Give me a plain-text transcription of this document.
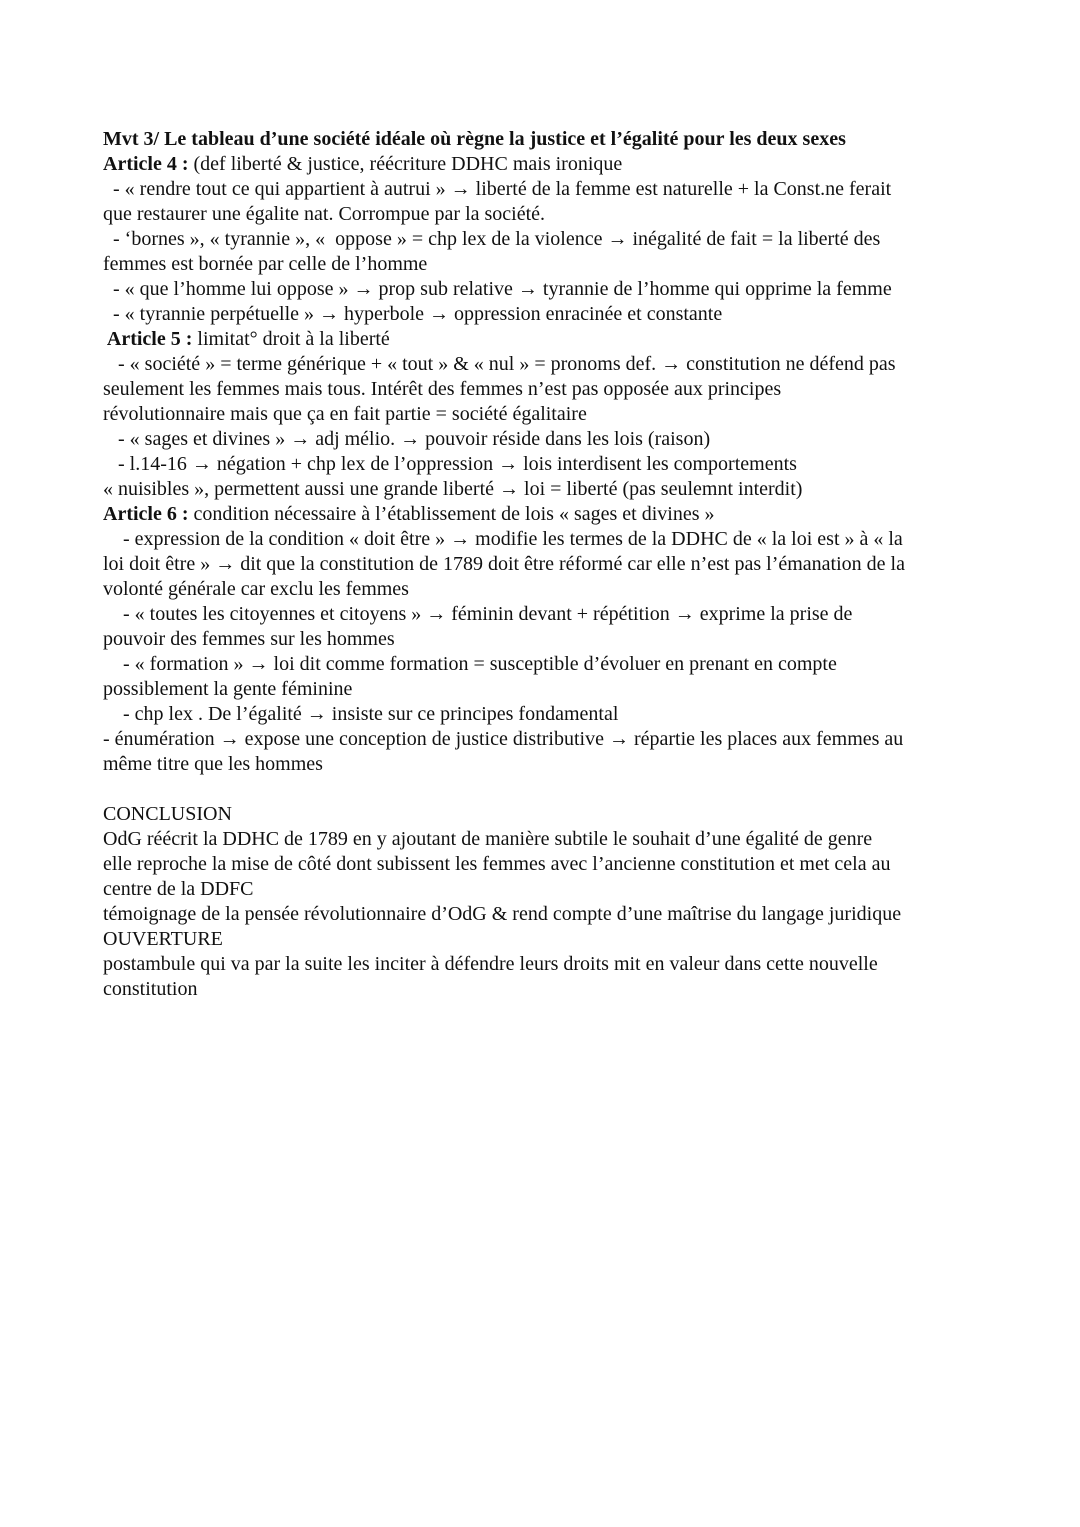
Mvt 3/ Le tableau d’une société idéale où règne la justice et l’égalité pour les deux sexes
Article 4 : (def liberté & justice, réécriture DDHC mais ironique
- « rendre tout ce qui appartient à autrui » → liberté de la femme est naturelle + la Const.ne ferait
que restaurer une égalite nat. Corrompue par la société.
- ‘bornes », « tyrannie », «  oppose » = chp lex de la violence → inégalité de fait = la liberté des
femmes est bornée par celle de l’homme
- « que l’homme lui oppose » → prop sub relative → tyrannie de l’homme qui opprime la femme
- « tyrannie perpétuelle » → hyperbole → oppression enracinée et constante
Article 5 : limitat° droit à la liberté
- « société » = terme générique + « tout » & « nul » = pronoms def. → constitution ne défend pas
seulement les femmes mais tous. Intérêt des femmes n’est pas opposée aux principes
révolutionnaire mais que ça en fait partie = société égalitaire
- « sages et divines » → adj mélio. → pouvoir réside dans les lois (raison)
- l.14-16 → négation + chp lex de l’oppression → lois interdisent les comportements
« nuisibles », permettent aussi une grande liberté → loi = liberté (pas seulemnt interdit)
Article 6 : condition nécessaire à l’établissement de lois « sages et divines »
- expression de la condition « doit être » → modifie les termes de la DDHC de « la loi est » à « la
loi doit être » → dit que la constitution de 1789 doit être réformé car elle n’est pas l’émanation de la
volonté générale car exclu les femmes
- « toutes les citoyennes et citoyens » → féminin devant + répétition → exprime la prise de
pouvoir des femmes sur les hommes
- « formation » → loi dit comme formation = susceptible d’évoluer en prenant en compte
possiblement la gente féminine
- chp lex . De l’égalité → insiste sur ce principes fondamental
- énumération → expose une conception de justice distributive → répartie les places aux femmes au
même titre que les hommes
CONCLUSION
OdG réécrit la DDHC de 1789 en y ajoutant de manière subtile le souhait d’une égalité de genre
elle reproche la mise de côté dont subissent les femmes avec l’ancienne constitution et met cela au
centre de la DDFC
témoignage de la pensée révolutionnaire d’OdG & rend compte d’une maîtrise du langage juridique
OUVERTURE
postambule qui va par la suite les inciter à défendre leurs droits mit en valeur dans cette nouvelle
constitution
